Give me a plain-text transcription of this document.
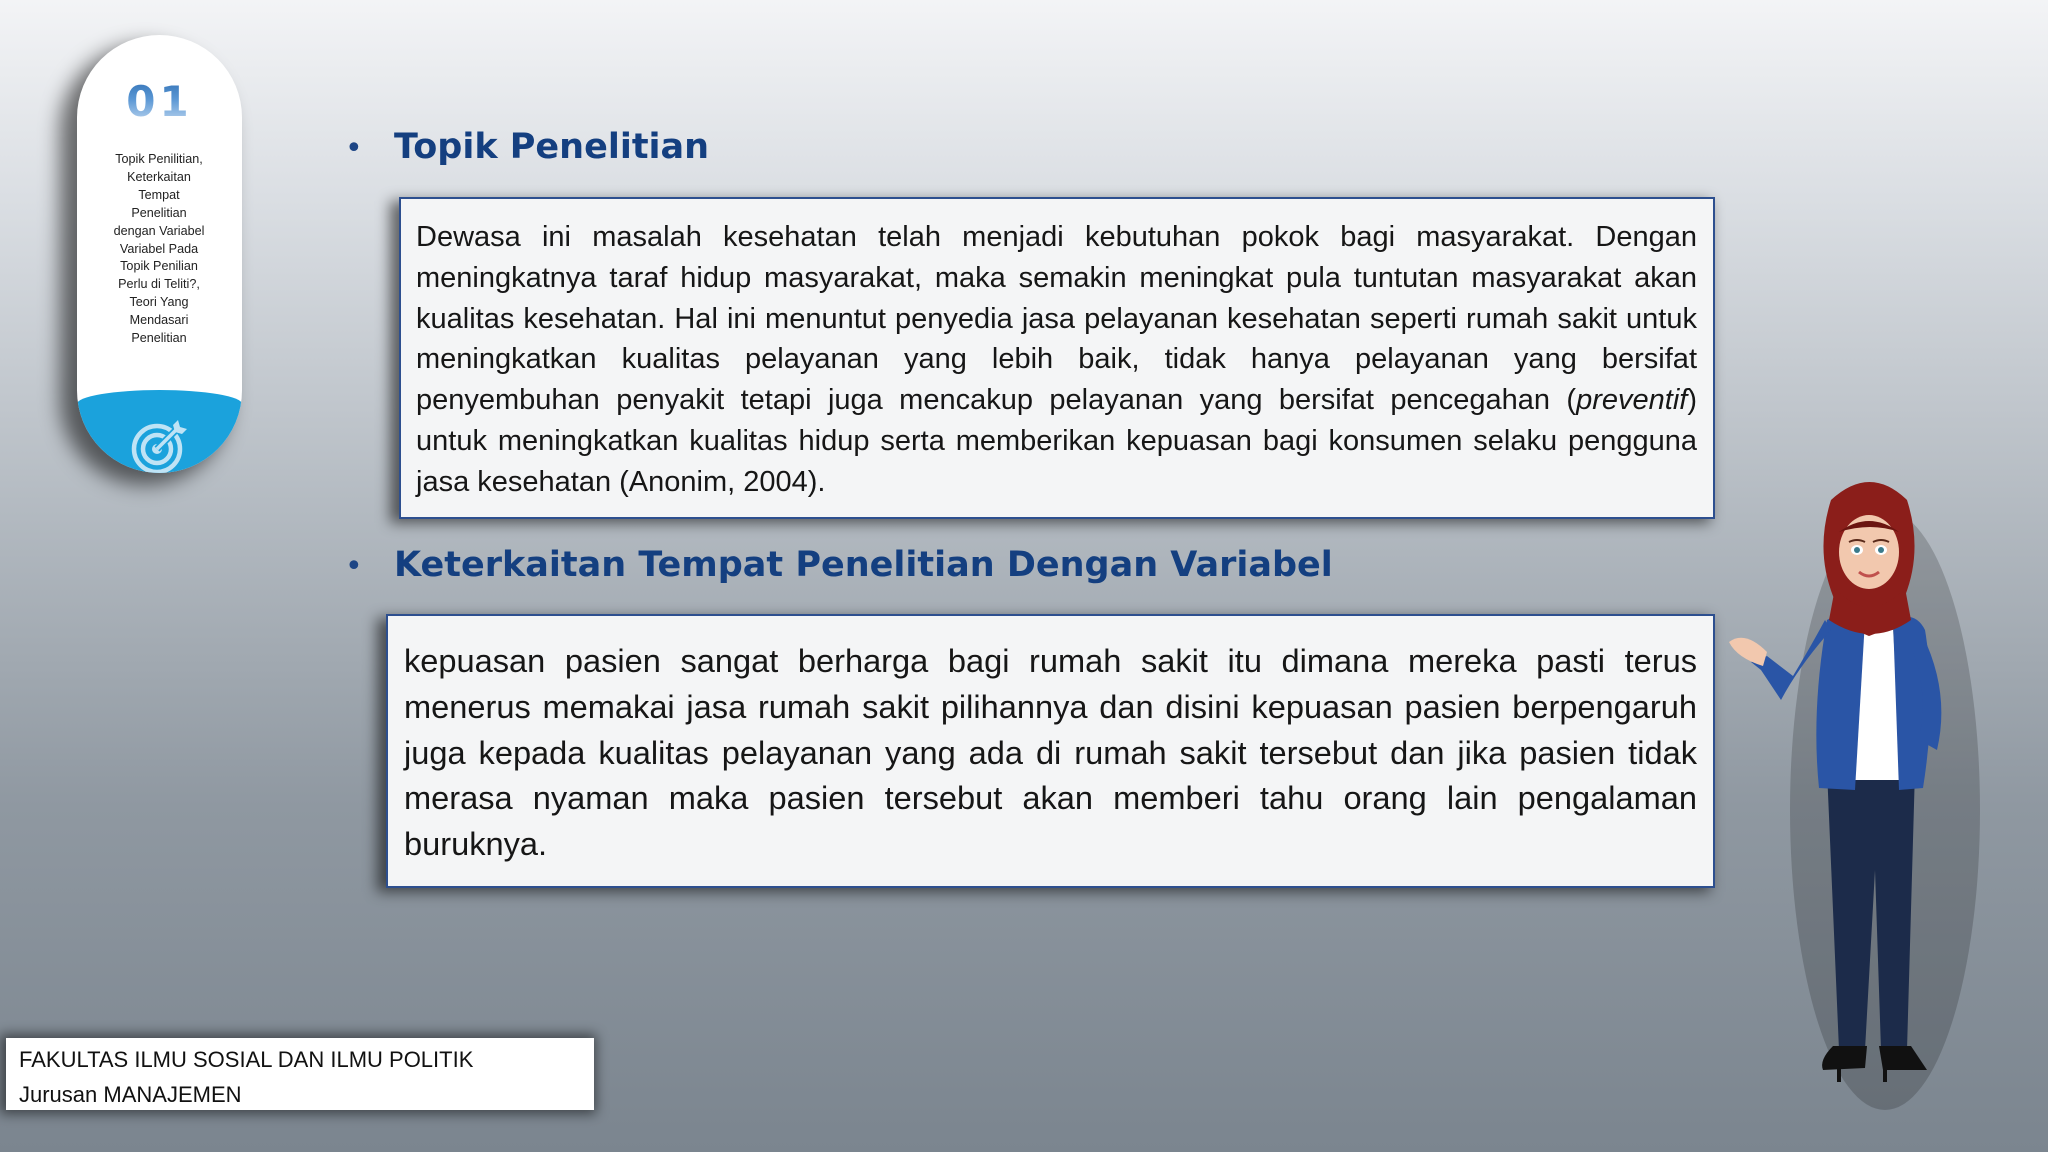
01
Topik Penilitian,
Keterkaitan
Tempat
Penelitian
dengan Variabel
Variabel Pada
Topik Penilian
Perlu di Teliti?,
Teori Yang
Mendasari
Penelitian
• Topik Penelitian
Dewasa ini masalah kesehatan telah menjadi kebutuhan pokok bagi masyarakat. Dengan meningkatnya taraf hidup masyarakat, maka semakin meningkat pula tuntutan masyarakat akan kualitas kesehatan. Hal ini menuntut penyedia jasa pelayanan kesehatan seperti rumah sakit untuk meningkatkan kualitas pelayanan yang lebih baik, tidak hanya pelayanan yang bersifat penyembuhan penyakit tetapi juga mencakup pelayanan yang bersifat pencegahan (preventif) untuk meningkatkan kualitas hidup serta memberikan kepuasan bagi konsumen selaku pengguna jasa kesehatan (Anonim, 2004).
• Keterkaitan Tempat Penelitian Dengan Variabel
kepuasan pasien sangat berharga bagi rumah sakit itu dimana mereka pasti terus menerus memakai jasa rumah sakit pilihannya dan disini kepuasan pasien berpengaruh juga kepada kualitas pelayanan yang ada di rumah sakit tersebut dan jika pasien tidak merasa nyaman maka pasien tersebut akan memberi tahu orang lain pengalaman buruknya.
FAKULTAS ILMU SOSIAL DAN ILMU POLITIK
Jurusan MANAJEMEN
